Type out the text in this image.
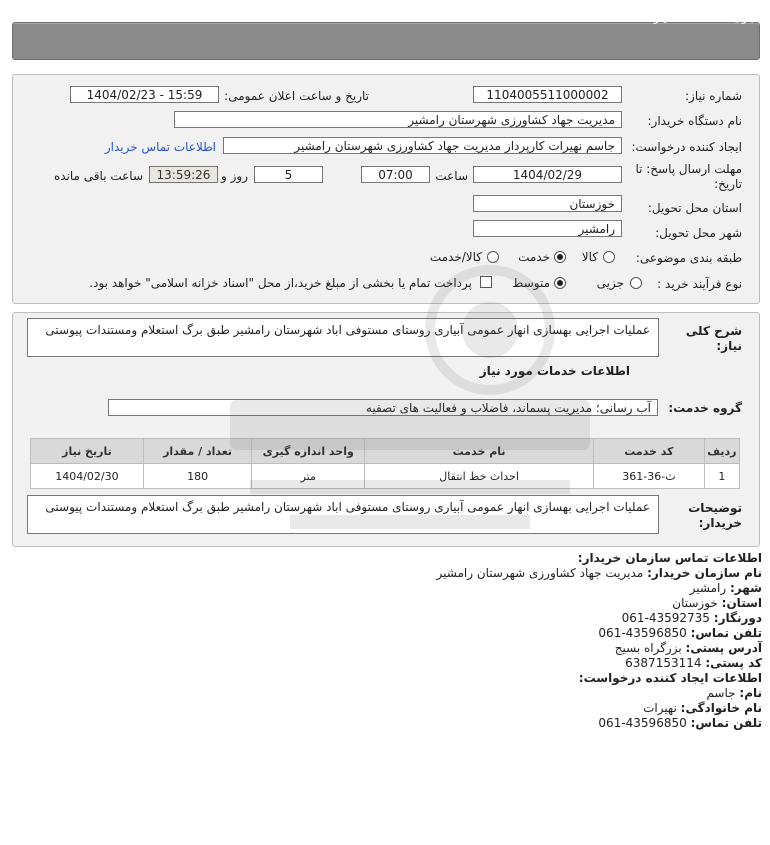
جزئیات اطلاعات نیاز
شماره نیاز:
1104005511000002
تاریخ و ساعت اعلان عمومی:
1404/02/23 - 15:59
نام دستگاه خریدار:
مدیریت جهاد کشاورزی شهرستان رامشیر
ایجاد کننده درخواست:
جاسم نهیرات کارپرداز مدیریت جهاد کشاورزی شهرستان رامشیر
اطلاعات تماس خریدار
مهلت ارسال پاسخ: تا
تاریخ:
1404/02/29
ساعت
07:00
5
روز و
13:59:26
ساعت باقی مانده
استان محل تحویل:
خوزستان
شهر محل تحویل:
رامشیر
طبقه بندی موضوعی:
کالا
خدمت
کالا/خدمت
نوع فرآیند خرید :
جزیی
متوسط
پرداخت تمام یا بخشی از مبلغ خرید،از محل "اسناد خزانه اسلامی" خواهد بود.
شرح کلی
نیاز:
عملیات اجرایی بهسازی انهار عمومی آبیاری روستای مستوفی اباد شهرستان رامشیر طبق برگ استعلام ومستندات پیوستی
اطلاعات خدمات مورد نیاز
گروه خدمت:
آب رسانی؛ مدیریت پسماند، فاضلاب و فعالیت های تصفیه
ردیف	کد خدمت	نام خدمت	واحد اندازه گیری	تعداد / مقدار	تاریخ نیاز
1	ث-36-361	احداث خط انتقال	متر	180	1404/02/30
توضیحات
خریدار:
عملیات اجرایی بهسازی انهار عمومی آبیاری روستای مستوفی اباد شهرستان رامشیر طبق برگ استعلام ومستندات پیوستی
اطلاعات تماس سازمان خریدار:
نام سازمان خریدار: مدیریت جهاد کشاورزی شهرستان رامشیر
شهر: رامشیر
استان: خوزستان
دورنگار: 061-43592735
تلفن تماس: 061-43596850
آدرس پستی: بزرگراه بسیج
کد پستی: 6387153114
اطلاعات ایجاد کننده درخواست:
نام: جاسم
نام خانوادگی: نهیرات
تلفن تماس: 061-43596850
